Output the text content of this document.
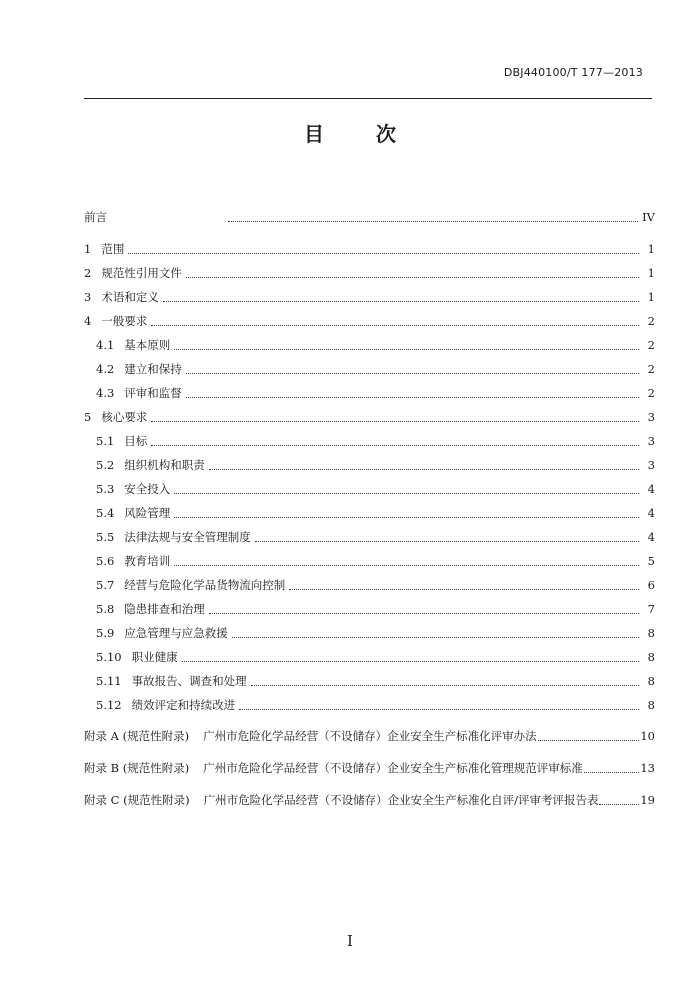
DBJ440100/T 177—2013
目	次
前言	IV
1 范围	1
2 规范性引用文件	1
3 术语和定义	1
4 一般要求	2
4.1 基本原则	2
4.2 建立和保持	2
4.3 评审和监督	2
5 核心要求	3
5.1 目标	3
5.2 组织机构和职责	3
5.3 安全投入	4
5.4 风险管理	4
5.5 法律法规与安全管理制度	4
5.6 教育培训	5
5.7 经营与危险化学品货物流向控制	6
5.8 隐患排查和治理	7
5.9 应急管理与应急救援	8
5.10 职业健康	8
5.11 事故报告、调查和处理	8
5.12 绩效评定和持续改进	8
附录 A (规范性附录) 广州市危险化学品经营（不设储存）企业安全生产标准化评审办法	10
附录 B (规范性附录) 广州市危险化学品经营（不设储存）企业安全生产标准化管理规范评审标准	13
附录 C (规范性附录) 广州市危险化学品经营（不设储存）企业安全生产标准化自评/评审考评报告表	19
I
